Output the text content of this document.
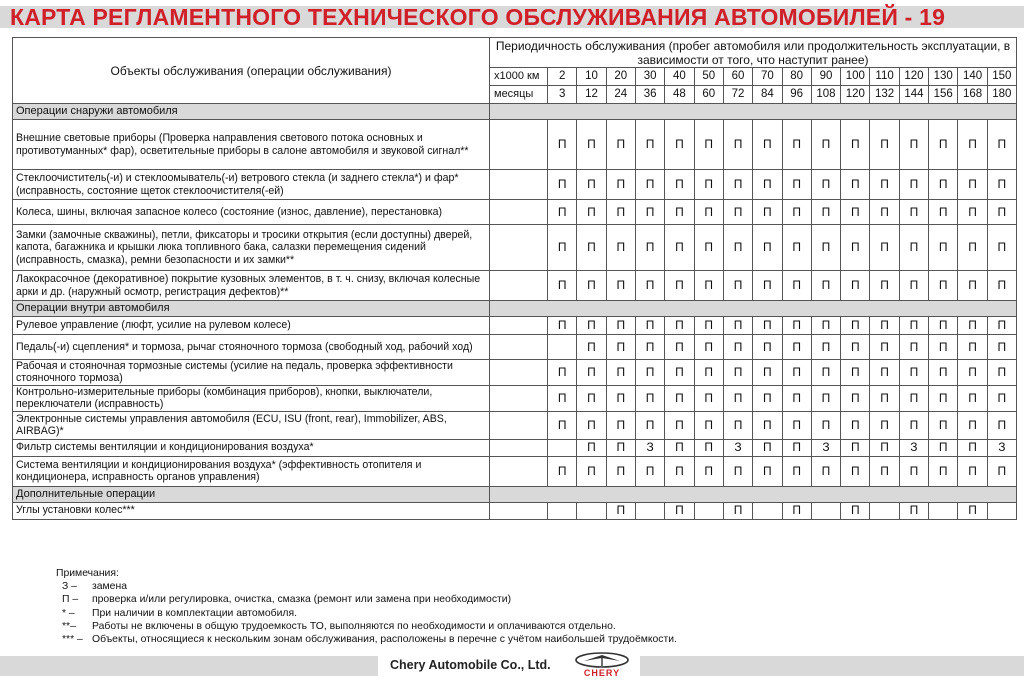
КАРТА РЕГЛАМЕНТНОГО ТЕХНИЧЕСКОГО ОБСЛУЖИВАНИЯ АВТОМОБИЛЕЙ - 19
Объекты обслуживания (операции обслуживания)	Периодичность обслуживания (пробег автомобиля или продолжительность эксплуатации, в зависимости от того, что наступит ранее)																
	x1000 км	2	10	20	30	40	50	60	70	80	90	100	110	120	130	140	150
	месяцы	3	12	24	36	48	60	72	84	96	108	120	132	144	156	168	180
Операции снаружи автомобиля																	
Внешние световые приборы (Проверка направления светового потока основных и противотуманных* фар), осветительные приборы в салоне автомобиля и звуковой сигнал**		П	П	П	П	П	П	П	П	П	П	П	П	П	П	П	П
Стеклоочиститель(-и) и стеклоомыватель(-и) ветрового стекла (и заднего стекла*) и фар* (исправность, состояние щеток стеклоочистителя(-ей)		П	П	П	П	П	П	П	П	П	П	П	П	П	П	П	П
Колеса, шины, включая запасное колесо (состояние (износ, давление), перестановка)		П	П	П	П	П	П	П	П	П	П	П	П	П	П	П	П
Замки (замочные скважины), петли, фиксаторы и тросики открытия (если доступны) дверей, капота, багажника и крышки люка топливного бака, салазки перемещения сидений (исправность, смазка), ремни безопасности и их замки**		П	П	П	П	П	П	П	П	П	П	П	П	П	П	П	П
Лакокрасочное (декоративное) покрытие кузовных элементов, в т. ч. снизу, включая колесные арки и др. (наружный осмотр, регистрация дефектов)**		П	П	П	П	П	П	П	П	П	П	П	П	П	П	П	П
Операции внутри автомобиля																	
Рулевое управление (люфт, усилие на рулевом колесе)		П	П	П	П	П	П	П	П	П	П	П	П	П	П	П	П
Педаль(-и) сцепления* и тормоза, рычаг стояночного тормоза (свободный ход, рабочий ход)			П	П	П	П	П	П	П	П	П	П	П	П	П	П	П
Рабочая и стояночная тормозные системы (усилие на педаль, проверка эффективности стояночного тормоза)		П	П	П	П	П	П	П	П	П	П	П	П	П	П	П	П
Контрольно-измерительные приборы (комбинация приборов), кнопки, выключатели, переключатели (исправность)		П	П	П	П	П	П	П	П	П	П	П	П	П	П	П	П
Электронные системы управления автомобиля (ECU, ISU (front, rear), Immobilizer, ABS, AIRBAG)*		П	П	П	П	П	П	П	П	П	П	П	П	П	П	П	П
Фильтр системы вентиляции и кондиционирования воздуха*			П	П	З	П	П	З	П	П	З	П	П	З	П	П	З
Система вентиляции и кондиционирования воздуха* (эффективность отопителя и кондиционера, исправность органов управления)		П	П	П	П	П	П	П	П	П	П	П	П	П	П	П	П
Дополнительные операции																	
Углы установки колес***				П		П		П		П		П		П		П	
Примечания:
З –	замена
П –	проверка и/или регулировка, очистка, смазка (ремонт или замена при необходимости)
* –	При наличии в комплектации автомобиля.
**–	Работы не включены в общую трудоемкость ТО, выполняются по необходимости и оплачиваются отдельно.
*** – Объекты, относящиеся к нескольким зонам обслуживания, расположены в перечне с учётом наибольшей трудоёмкости.
Chery Automobile Co., Ltd.
CHERY
